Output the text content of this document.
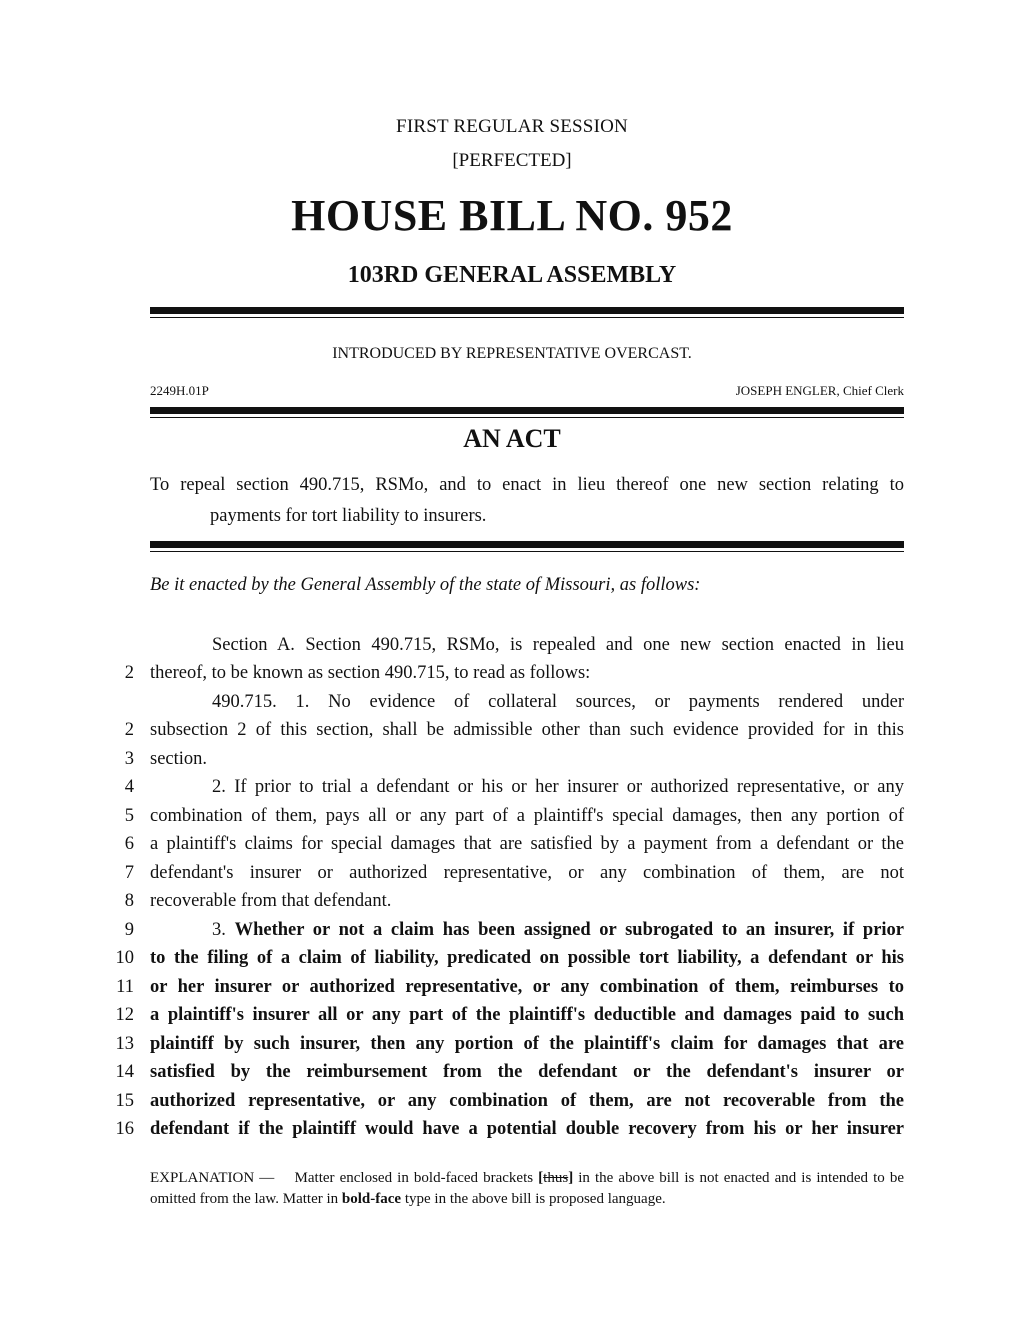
FIRST REGULAR SESSION
[PERFECTED]
HOUSE BILL NO. 952
103RD GENERAL ASSEMBLY
INTRODUCED BY REPRESENTATIVE OVERCAST.
2249H.01P	JOSEPH ENGLER, Chief Clerk
AN ACT
To repeal section 490.715, RSMo, and to enact in lieu thereof one new section relating to
payments for tort liability to insurers.
Be it enacted by the General Assembly of the state of Missouri, as follows:
Section A. Section 490.715, RSMo, is repealed and one new section enacted in lieu
2 thereof, to be known as section 490.715, to read as follows:
490.715. 1. No evidence of collateral sources, or payments rendered under
2 subsection 2 of this section, shall be admissible other than such evidence provided for in this
3 section.
4	2. If prior to trial a defendant or his or her insurer or authorized representative, or any
5 combination of them, pays all or any part of a plaintiff's special damages, then any portion of
6 a plaintiff's claims for special damages that are satisfied by a payment from a defendant or the
7 defendant's insurer or authorized representative, or any combination of them, are not
8 recoverable from that defendant.
9	3. Whether or not a claim has been assigned or subrogated to an insurer, if prior
10 to the filing of a claim of liability, predicated on possible tort liability, a defendant or his
11 or her insurer or authorized representative, or any combination of them, reimburses to
12 a plaintiff's insurer all or any part of the plaintiff's deductible and damages paid to such
13 plaintiff by such insurer, then any portion of the plaintiff's claim for damages that are
14 satisfied by the reimbursement from the defendant or the defendant's insurer or
15 authorized representative, or any combination of them, are not recoverable from the
16 defendant if the plaintiff would have a potential double recovery from his or her insurer
EXPLANATION — Matter enclosed in bold-faced brackets [thus] in the above bill is not enacted and is intended to be omitted from the law. Matter in bold-face type in the above bill is proposed language.
